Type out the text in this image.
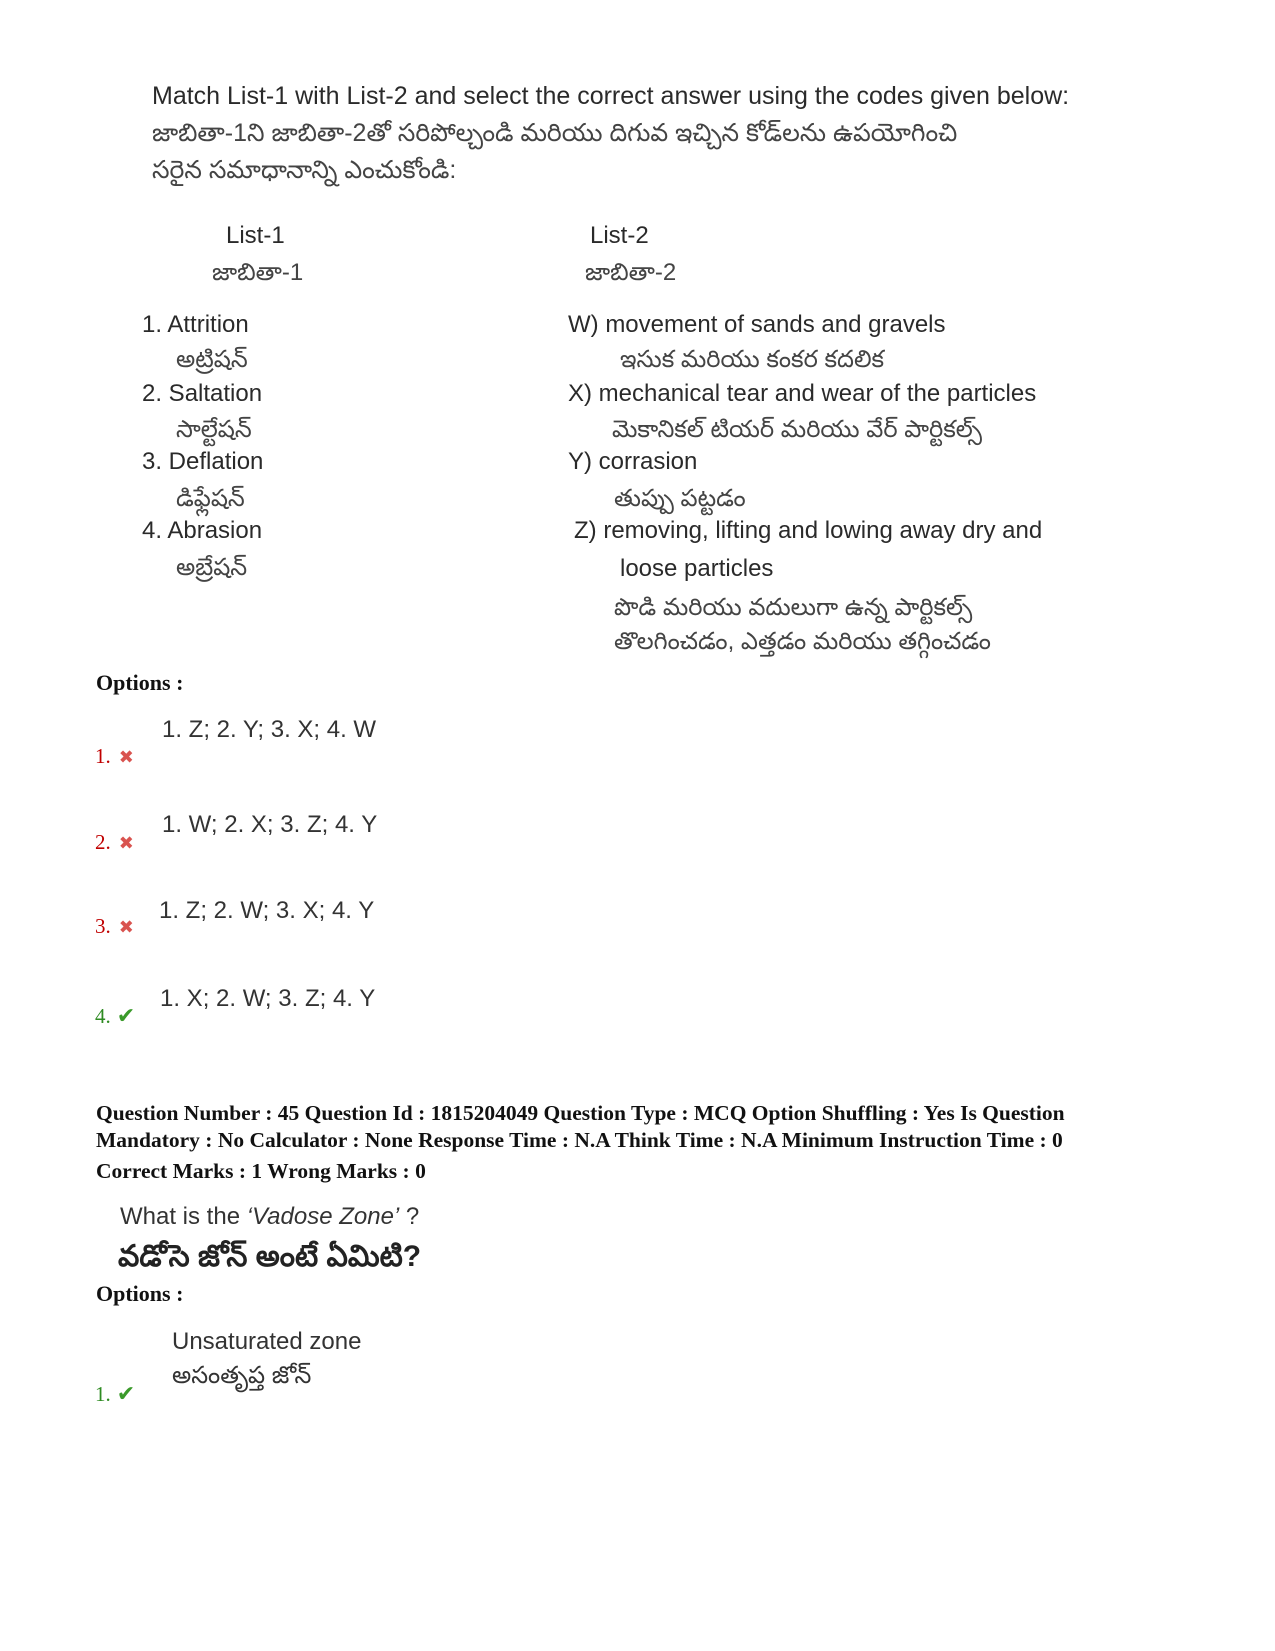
Match List-1 with List-2 and select the correct answer using the codes given below:
జాబితా-1ని జాబితా-2తో సరిపోల్చండి మరియు దిగువ ఇచ్చిన కోడ్‌లను ఉపయోగించి
సరైన సమాధానాన్ని ఎంచుకోండి:
List-1
జాబితా-1
List-2
జాబితా-2
1. Attrition
అట్రిషన్
2. Saltation
సాల్టేషన్
3. Deflation
డిఫ్లేషన్
4. Abrasion
అబ్రేషన్
W) movement of sands and gravels
ఇసుక మరియు కంకర కదలిక
X) mechanical tear and wear of the particles
మెకానికల్ టియర్ మరియు వేర్ పార్టికల్స్
Y) corrasion
తుప్పు పట్టడం
Z) removing, lifting and lowing away dry and
loose particles
పొడి మరియు వదులుగా ఉన్న పార్టికల్స్
తొలగించడం, ఎత్తడం మరియు తగ్గించడం
Options :
1. Z; 2. Y; 3. X; 4. W
1. ✖
1. W; 2. X; 3. Z; 4. Y
2. ✖
1. Z; 2. W; 3. X; 4. Y
3. ✖
1. X; 2. W; 3. Z; 4. Y
4. ✔
Question Number : 45 Question Id : 1815204049 Question Type : MCQ Option Shuffling : Yes Is Question
Mandatory : No Calculator : None Response Time : N.A Think Time : N.A Minimum Instruction Time : 0
Correct Marks : 1 Wrong Marks : 0
What is the ‘Vadose Zone’ ?
వడోసె జోన్ అంటే ఏమిటి?
Options :
Unsaturated zone
అసంతృప్త జోన్
1. ✔
